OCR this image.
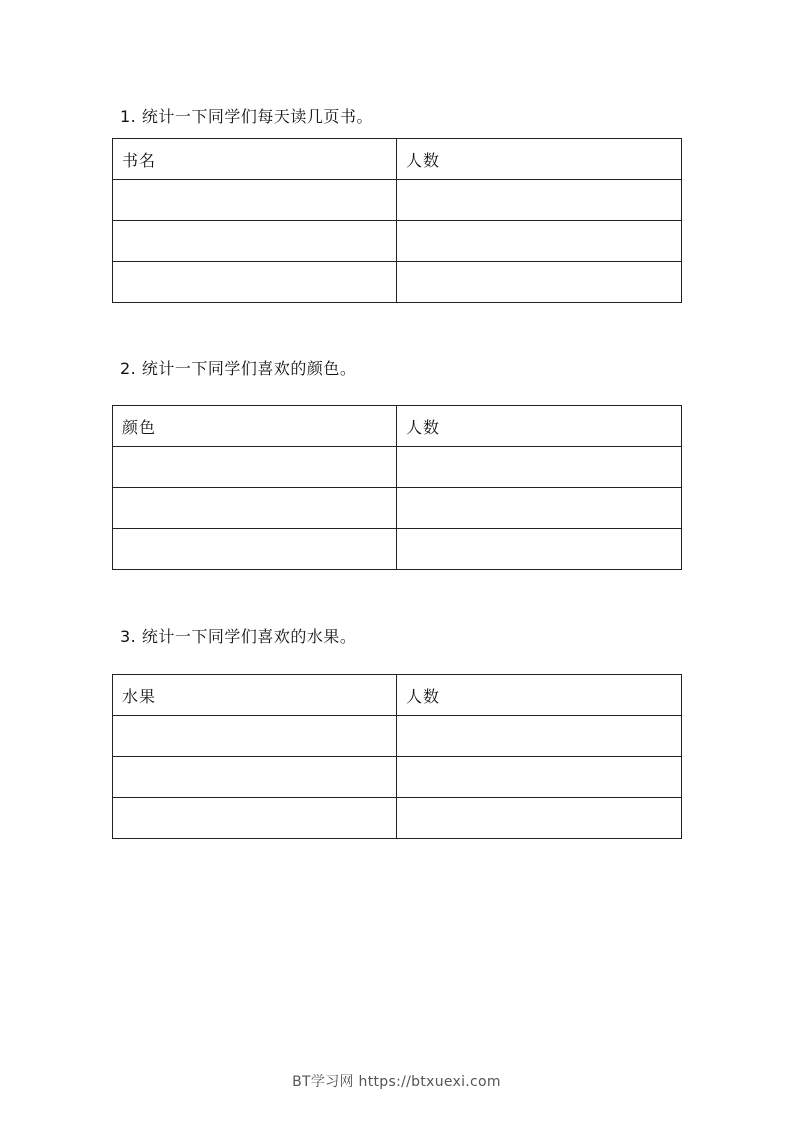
1. 统计一下同学们每天读几页书。
书名	人数

2. 统计一下同学们喜欢的颜色。
颜色	人数

3. 统计一下同学们喜欢的水果。
水果	人数

BT学习网 https://btxuexi.com
